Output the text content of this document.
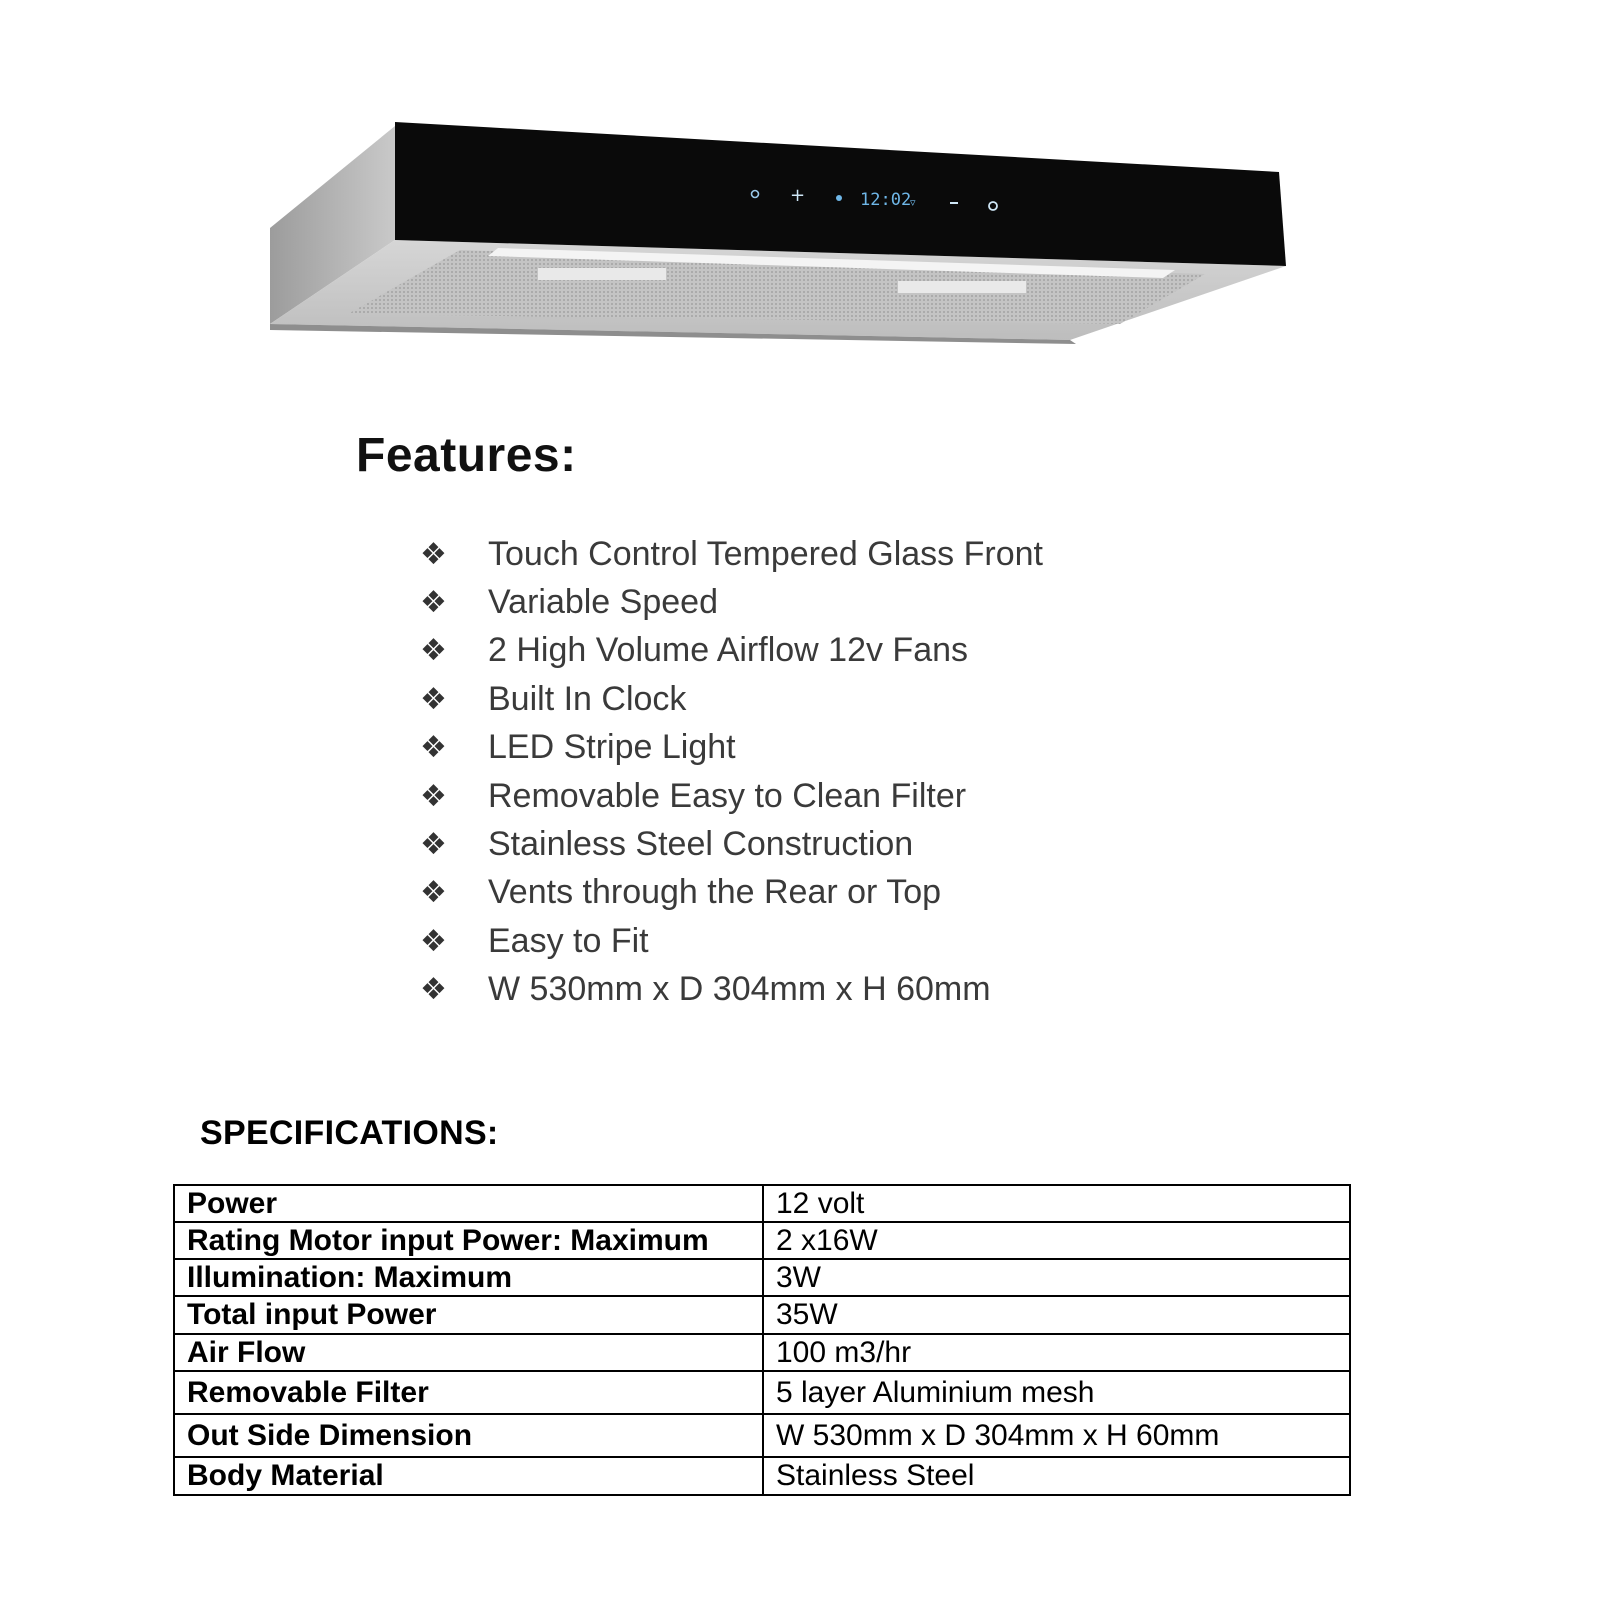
+	12:02
▿
Features:
❖	Touch Control Tempered Glass Front
❖	Variable Speed
❖	2 High Volume Airflow 12v Fans
❖	Built In Clock
❖	LED Stripe Light
❖	Removable Easy to Clean Filter
❖	Stainless Steel Construction
❖	Vents through the Rear or Top
❖	Easy to Fit
❖	W 530mm x D 304mm x H 60mm
SPECIFICATIONS:
Power	12 volt
Rating Motor input Power: Maximum	2 x16W
Illumination: Maximum	3W
Total input Power	35W
Air Flow	100 m3/hr
Removable Filter	5 layer Aluminium mesh
Out Side Dimension	W 530mm x D 304mm x H 60mm
Body Material	Stainless Steel
